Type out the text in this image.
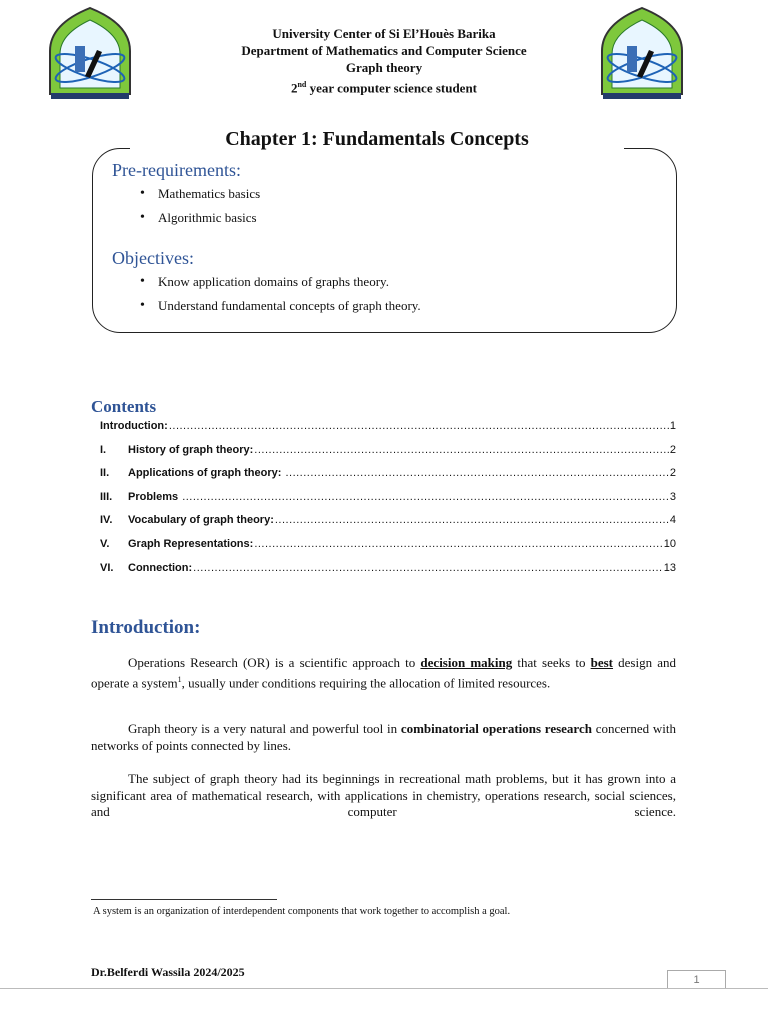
University Center of Si El’Houès Barika
Department of Mathematics and Computer Science
Graph theory
2nd year computer science student
Chapter 1: Fundamentals Concepts
Pre-requirements:
• Mathematics basics
• Algorithmic basics
Objectives:
• Know application domains of graphs theory.
• Understand fundamental concepts of graph theory.
Contents
Introduction: .....	1
I.	History of graph theory: .....	2
II.	Applications of graph theory: .....	2
III.	Problems .....	3
IV.	Vocabulary of graph theory: .....	4
V.	Graph Representations: .....	10
VI.	Connection: .....	13
Introduction:
Operations Research (OR) is a scientific approach to decision making that seeks to best design and operate a system$^1$, usually under conditions requiring the allocation of limited resources.
Graph theory is a very natural and powerful tool in combinatorial operations research concerned with networks of points connected by lines.
The subject of graph theory had its beginnings in recreational math problems, but it has grown into a significant area of mathematical research, with applications in chemistry, operations research, social sciences, and computer science.
A system is an organization of interdependent components that work together to accomplish a goal.
Dr.Belferdi Wassila 2024/2025
1
